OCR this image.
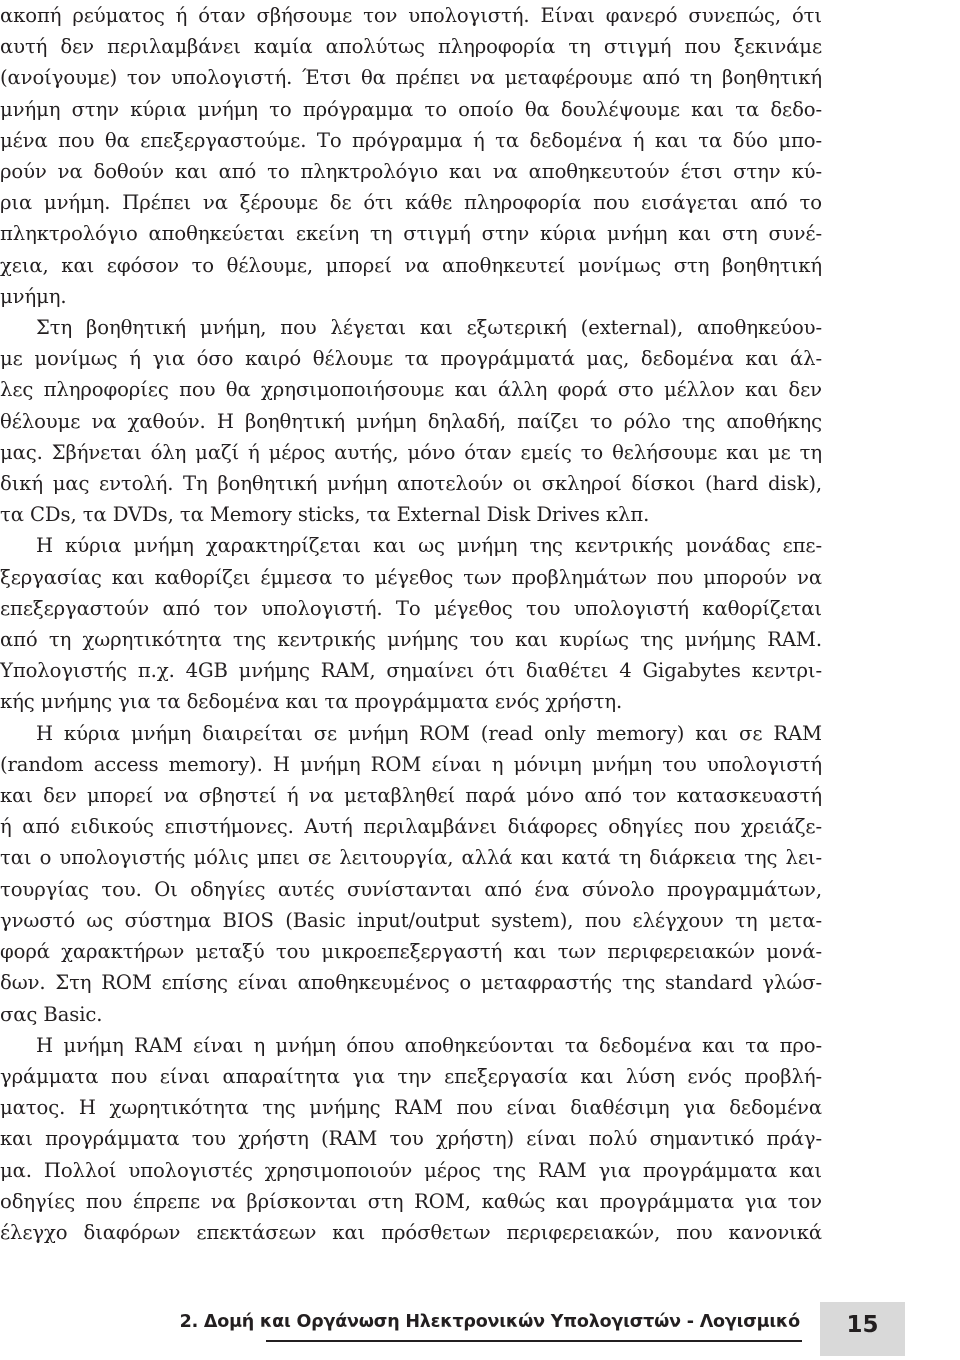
ακοπή ρεύματος ή όταν σβήσουμε τον υπολογιστή. Είναι φανερό συνεπώς, ότι
αυτή δεν περιλαμβάνει καμία απολύτως πληροφορία τη στιγμή που ξεκινάμε
(ανοίγουμε) τον υπολογιστή. Έτσι θα πρέπει να μεταφέρουμε από τη βοηθητική
μνήμη στην κύρια μνήμη το πρόγραμμα το οποίο θα δουλέψουμε και τα δεδο-
μένα που θα επεξεργαστούμε. Το πρόγραμμα ή τα δεδομένα ή και τα δύο μπο-
ρούν να δοθούν και από το πληκτρολόγιο και να αποθηκευτούν έτσι στην κύ-
ρια μνήμη. Πρέπει να ξέρουμε δε ότι κάθε πληροφορία που εισάγεται από το
πληκτρολόγιο αποθηκεύεται εκείνη τη στιγμή στην κύρια μνήμη και στη συνέ-
χεια, και εφόσον το θέλουμε, μπορεί να αποθηκευτεί μονίμως στη βοηθητική
μνήμη.

Στη βοηθητική μνήμη, που λέγεται και εξωτερική (external), αποθηκεύου-
με μονίμως ή για όσο καιρό θέλουμε τα προγράμματά μας, δεδομένα και άλ-
λες πληροφορίες που θα χρησιμοποιήσουμε και άλλη φορά στο μέλλον και δεν
θέλουμε να χαθούν. Η βοηθητική μνήμη δηλαδή, παίζει το ρόλο της αποθήκης
μας. Σβήνεται όλη μαζί ή μέρος αυτής, μόνο όταν εμείς το θελήσουμε και με τη
δική μας εντολή. Τη βοηθητική μνήμη αποτελούν οι σκληροί δίσκοι (hard disk),
τα CDs, τα DVDs, τα Memory sticks, τα External Disk Drives κλπ.

Η κύρια μνήμη χαρακτηρίζεται και ως μνήμη της κεντρικής μονάδας επε-
ξεργασίας και καθορίζει έμμεσα το μέγεθος των προβλημάτων που μπορούν να
επεξεργαστούν από τον υπολογιστή. Το μέγεθος του υπολογιστή καθορίζεται
από τη χωρητικότητα της κεντρικής μνήμης του και κυρίως της μνήμης RAM.
Υπολογιστής π.χ. 4GB μνήμης RAM, σημαίνει ότι διαθέτει 4 Gigabytes κεντρι-
κής μνήμης για τα δεδομένα και τα προγράμματα ενός χρήστη.

Η κύρια μνήμη διαιρείται σε μνήμη ROM (read only memory) και σε RAM
(random access memory). Η μνήμη ROM είναι η μόνιμη μνήμη του υπολογιστή
και δεν μπορεί να σβηστεί ή να μεταβληθεί παρά μόνο από τον κατασκευαστή
ή από ειδικούς επιστήμονες. Αυτή περιλαμβάνει διάφορες οδηγίες που χρειάζε-
ται ο υπολογιστής μόλις μπει σε λειτουργία, αλλά και κατά τη διάρκεια της λει-
τουργίας του. Οι οδηγίες αυτές συνίστανται από ένα σύνολο προγραμμάτων,
γνωστό ως σύστημα BIOS (Basic input/output system), που ελέγχουν τη μετα-
φορά χαρακτήρων μεταξύ του μικροεπεξεργαστή και των περιφερειακών μονά-
δων. Στη ROM επίσης είναι αποθηκευμένος ο μεταφραστής της standard γλώσ-
σας Basic.

Η μνήμη RAM είναι η μνήμη όπου αποθηκεύονται τα δεδομένα και τα προ-
γράμματα που είναι απαραίτητα για την επεξεργασία και λύση ενός προβλή-
ματος. Η χωρητικότητα της μνήμης RAM που είναι διαθέσιμη για δεδομένα
και προγράμματα του χρήστη (RAM του χρήστη) είναι πολύ σημαντικό πράγ-
μα. Πολλοί υπολογιστές χρησιμοποιούν μέρος της RAM για προγράμματα και
οδηγίες που έπρεπε να βρίσκονται στη ROM, καθώς και προγράμματα για τον
έλεγχο διαφόρων επεκτάσεων και πρόσθετων περιφερειακών, που κανονικά

2. Δομή και Οργάνωση Ηλεκτρονικών Υπολογιστών - Λογισμικό	15
